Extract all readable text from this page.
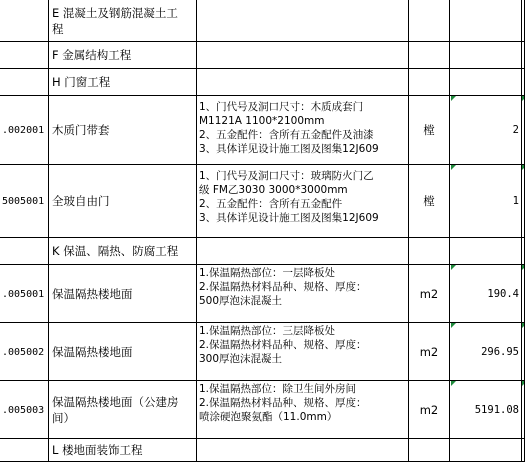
E 混凝土及钢筋混凝土工
程
F 金属结构工程
H 门窗工程
.002001 木质门带套
1、门代号及洞口尺寸：木质成套门
M1121A 1100*2100mm
2、五金配件：含所有五金配件及油漆
3、具体详见设计施工图及图集12J609
樘	2
5005001 全玻自由门
1、门代号及洞口尺寸：玻璃防火门乙
级 FM乙3030 3000*3000mm
2、五金配件：含所有五金配件
3、具体详见设计施工图及图集12J609
樘	1
K 保温、隔热、防腐工程
.005001 保温隔热楼地面
1.保温隔热部位：一层降板处
2.保温隔热材料品种、规格、厚度：
500厚泡沫混凝土
m2	190.4
.005002 保温隔热楼地面
1.保温隔热部位：三层降板处
2.保温隔热材料品种、规格、厚度：
300厚泡沫混凝土
m2	296.95
.005003
保温隔热楼地面（公建房
间）
1.保温隔热部位：除卫生间外房间
2.保温隔热材料品种、规格、厚度：
喷涂硬泡聚氨酯（11.0mm）
m2	5191.08
L 楼地面装饰工程
